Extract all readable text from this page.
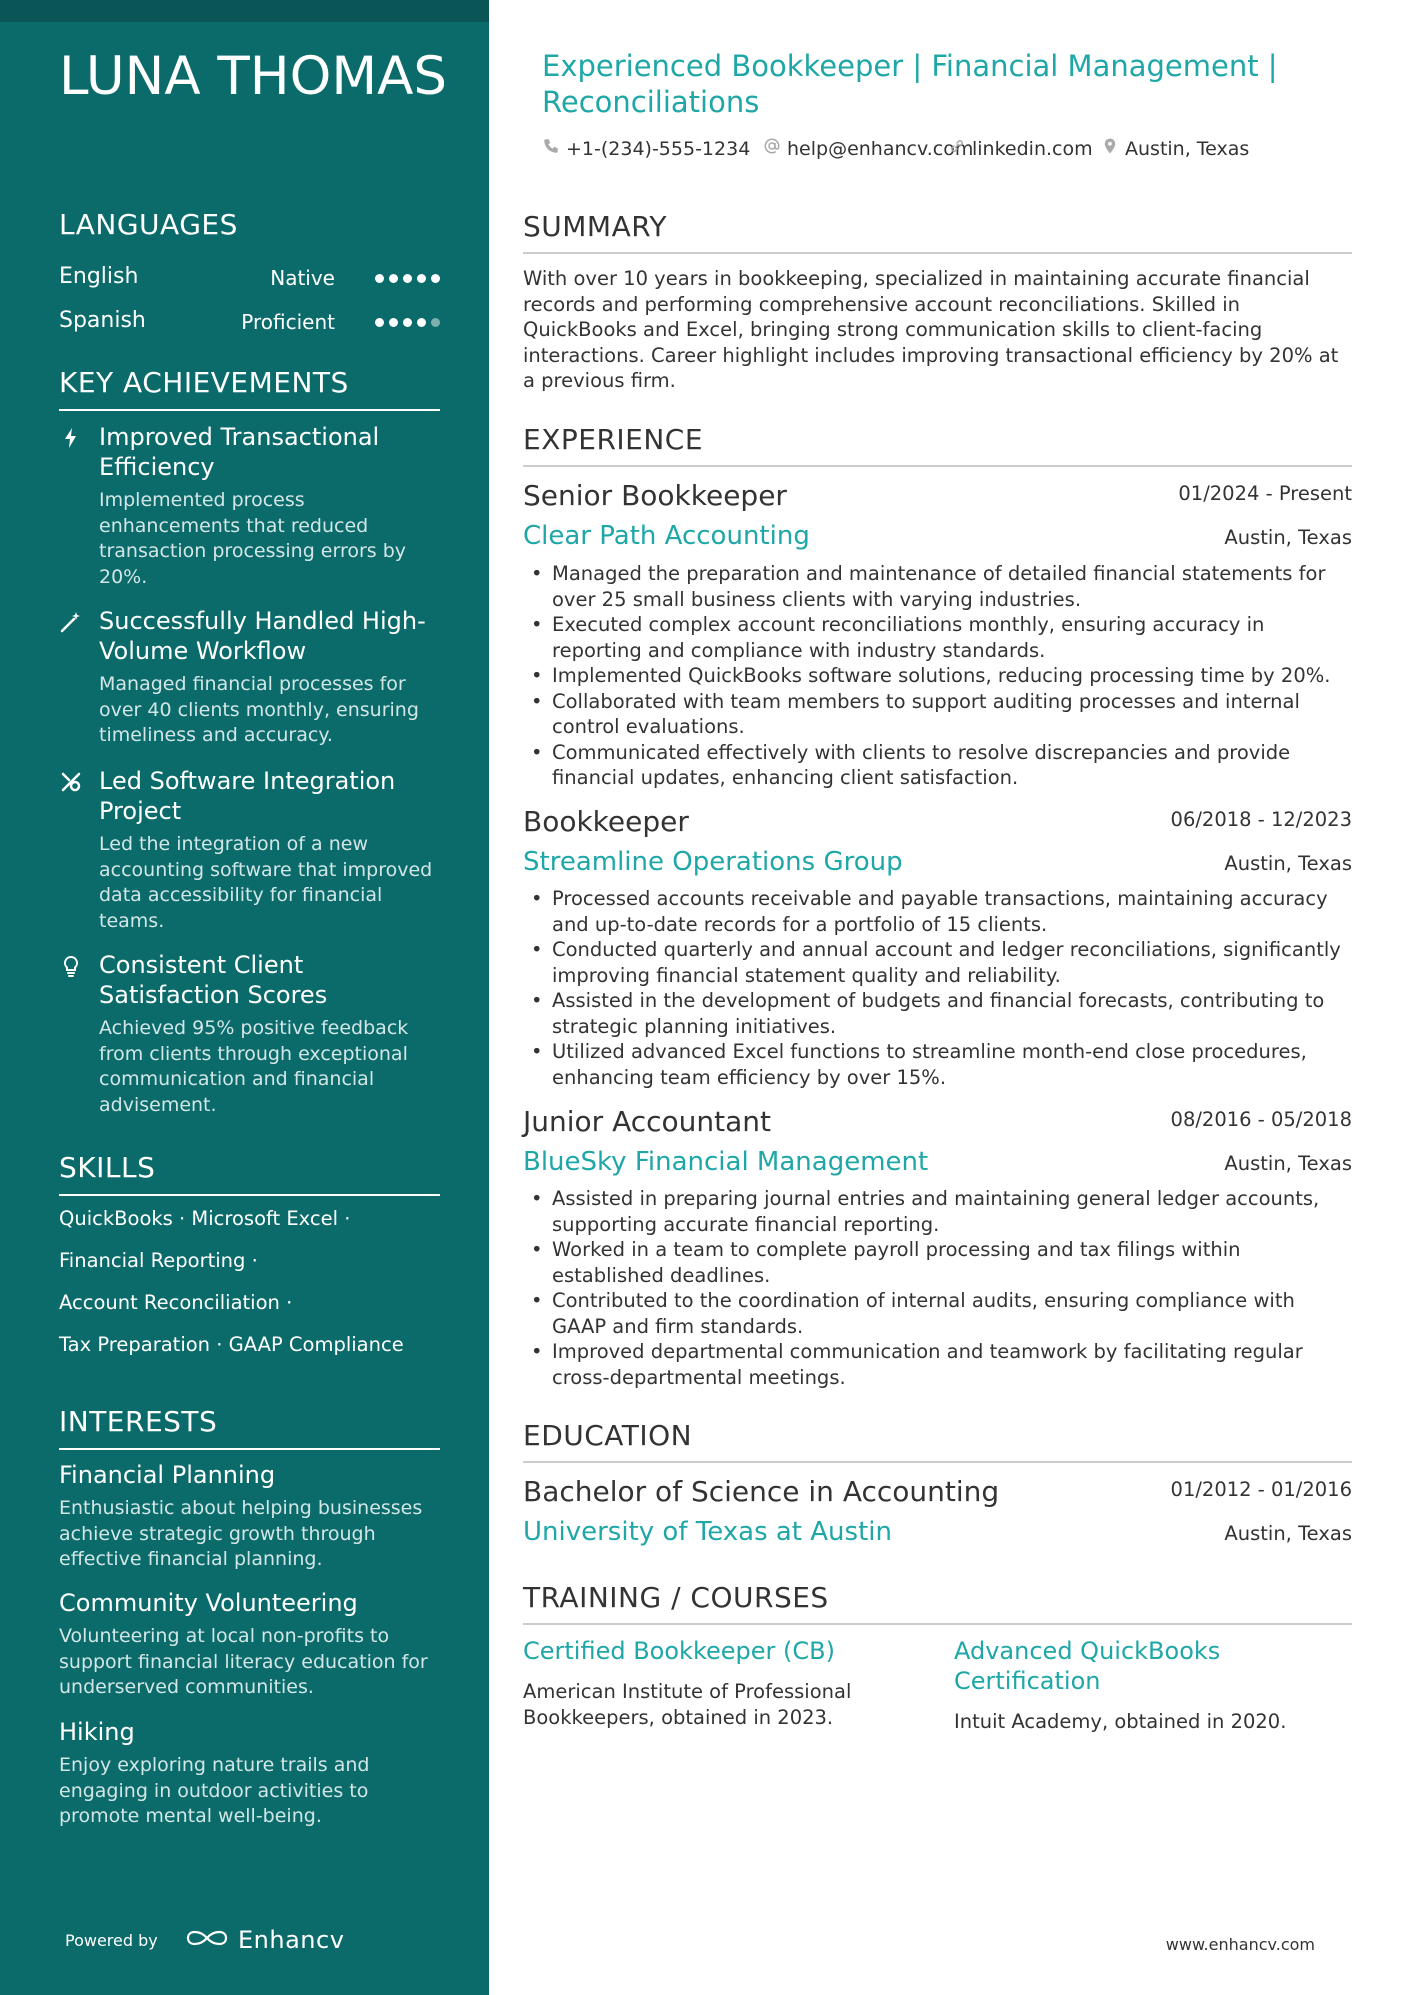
LUNA THOMAS
LANGUAGES
English	Native
Spanish	Proficient
KEY ACHIEVEMENTS
Improved Transactional Efficiency
Implemented process enhancements that reduced transaction processing errors by 20%.
Successfully Handled High-Volume Workflow
Managed financial processes for over 40 clients monthly, ensuring timeliness and accuracy.
Led Software Integration Project
Led the integration of a new accounting software that improved data accessibility for financial teams.
Consistent Client Satisfaction Scores
Achieved 95% positive feedback from clients through exceptional communication and financial advisement.
SKILLS
QuickBooks · Microsoft Excel ·
Financial Reporting ·
Account Reconciliation ·
Tax Preparation · GAAP Compliance
INTERESTS
Financial Planning
Enthusiastic about helping businesses achieve strategic growth through effective financial planning.
Community Volunteering
Volunteering at local non-profits to support financial literacy education for underserved communities.
Hiking
Enjoy exploring nature trails and engaging in outdoor activities to promote mental well-being.
Powered by	Enhancv
Experienced Bookkeeper | Financial Management | Reconciliations
+1-(234)-555-1234 help@enhancv.com
linkedin.com Austin, Texas
SUMMARY
With over 10 years in bookkeeping, specialized in maintaining accurate financial records and performing comprehensive account reconciliations. Skilled in QuickBooks and Excel, bringing strong communication skills to client-facing interactions. Career highlight includes improving transactional efficiency by 20% at a previous firm.
EXPERIENCE
Senior Bookkeeper	01/2024 - Present
Clear Path Accounting	Austin, Texas
• Managed the preparation and maintenance of detailed financial statements for over 25 small business clients with varying industries.
• Executed complex account reconciliations monthly, ensuring accuracy in reporting and compliance with industry standards.
• Implemented QuickBooks software solutions, reducing processing time by 20%.
• Collaborated with team members to support auditing processes and internal control evaluations.
• Communicated effectively with clients to resolve discrepancies and provide financial updates, enhancing client satisfaction.
Bookkeeper	06/2018 - 12/2023
Streamline Operations Group	Austin, Texas
• Processed accounts receivable and payable transactions, maintaining accuracy and up-to-date records for a portfolio of 15 clients.
• Conducted quarterly and annual account and ledger reconciliations, significantly improving financial statement quality and reliability.
• Assisted in the development of budgets and financial forecasts, contributing to strategic planning initiatives.
• Utilized advanced Excel functions to streamline month-end close procedures, enhancing team efficiency by over 15%.
Junior Accountant	08/2016 - 05/2018
BlueSky Financial Management	Austin, Texas
• Assisted in preparing journal entries and maintaining general ledger accounts, supporting accurate financial reporting.
• Worked in a team to complete payroll processing and tax filings within established deadlines.
• Contributed to the coordination of internal audits, ensuring compliance with GAAP and firm standards.
• Improved departmental communication and teamwork by facilitating regular cross-departmental meetings.
EDUCATION
Bachelor of Science in Accounting	01/2012 - 01/2016
University of Texas at Austin	Austin, Texas
TRAINING / COURSES
Certified Bookkeeper (CB)
American Institute of Professional Bookkeepers, obtained in 2023.
Advanced QuickBooks Certification
Intuit Academy, obtained in 2020.
www.enhancv.com
